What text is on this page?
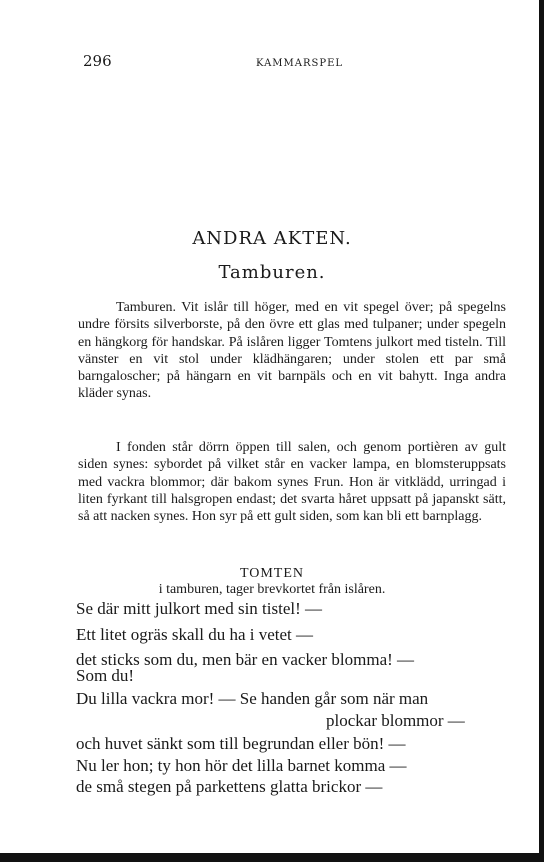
296	KAMMARSPEL
ANDRA AKTEN.
Tamburen.
Tamburen. Vit islår till höger, med en vit spegel över; på spegelns undre försits silverborste, på den övre ett glas med tulpaner; under spegeln en hängkorg för handskar. På islåren ligger Tomtens julkort med tisteln. Till vänster en vit stol under klädhängaren; under stolen ett par små barngaloscher; på hängarn en vit barnpäls och en vit bahytt. Inga andra kläder synas.
I fonden står dörrn öppen till salen, och genom portièren av gult siden synes: sybordet på vilket står en vacker lampa, en blomsteruppsats med vackra blommor; där bakom synes Frun. Hon är vitklädd, urringad i liten fyrkant till halsgropen endast; det svarta håret uppsatt på japanskt sätt, så att nacken synes. Hon syr på ett gult siden, som kan bli ett barnplagg.
TOMTEN
i tamburen, tager brevkortet från islåren.
Se där mitt julkort med sin tistel! —
Ett litet ogräs skall du ha i vetet —
det sticks som du, men bär en vacker blomma! —
Som du!
Du lilla vackra mor! — Se handen går som när man
plockar blommor —
och huvet sänkt som till begrundan eller bön! —
Nu ler hon; ty hon hör det lilla barnet komma —
de små stegen på parkettens glatta brickor —
